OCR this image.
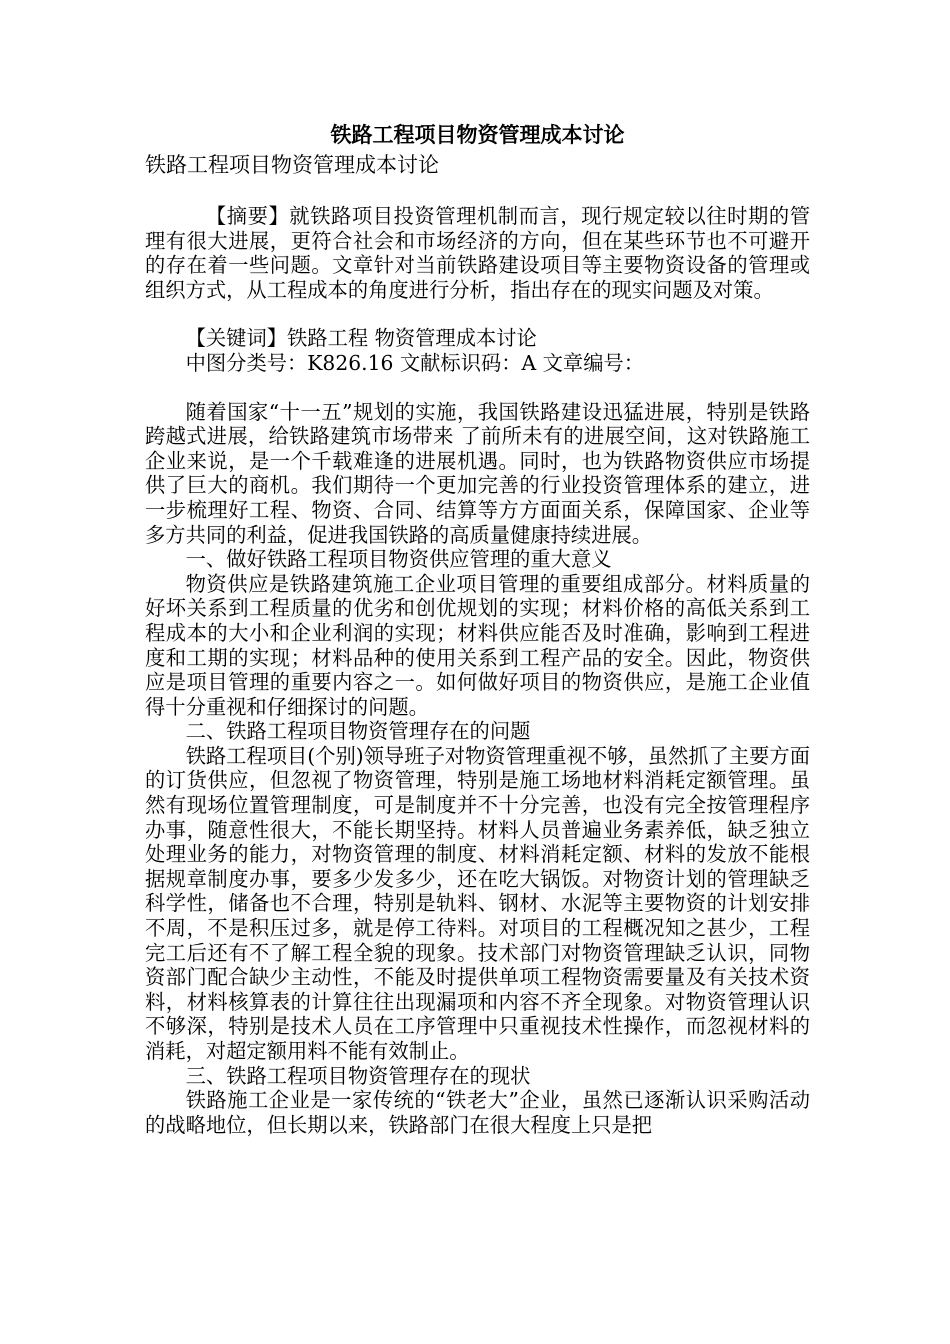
铁路工程项目物资管理成本讨论

铁路工程项目物资管理成本讨论

【摘要】就铁路项目投资管理机制而言，现行规定较以往时期的管理有很大进展，更符合社会和市场经济的方向，但在某些环节也不可避开的存在着一些问题。文章针对当前铁路建设项目等主要物资设备的管理或组织方式，从工程成本的角度进行分析，指出存在的现实问题及对策。

【关键词】铁路工程 物资管理成本讨论

中图分类号：K826.16 文献标识码：A 文章编号：

随着国家“十一五”规划的实施，我国铁路建设迅猛进展，特别是铁路跨越式进展，给铁路建筑市场带来 了前所未有的进展空间，这对铁路施工企业来说，是一个千载难逢的进展机遇。同时，也为铁路物资供应市场提供了巨大的商机。我们期待一个更加完善的行业投资管理体系的建立，进一步梳理好工程、物资、合同、结算等方方面面关系，保障国家、企业等多方共同的利益，促进我国铁路的高质量健康持续进展。

一、做好铁路工程项目物资供应管理的重大意义

物资供应是铁路建筑施工企业项目管理的重要组成部分。材料质量的好坏关系到工程质量的优劣和创优规划的实现；材料价格的高低关系到工程成本的大小和企业利润的实现；材料供应能否及时准确，影响到工程进度和工期的实现；材料品种的使用关系到工程产品的安全。因此，物资供应是项目管理的重要内容之一。如何做好项目的物资供应，是施工企业值得十分重视和仔细探讨的问题。

二、铁路工程项目物资管理存在的问题

铁路工程项目(个别)领导班子对物资管理重视不够，虽然抓了主要方面的订货供应，但忽视了物资管理，特别是施工场地材料消耗定额管理。虽然有现场位置管理制度，可是制度并不十分完善，也没有完全按管理程序办事，随意性很大，不能长期坚持。材料人员普遍业务素养低，缺乏独立处理业务的能力，对物资管理的制度、材料消耗定额、材料的发放不能根据规章制度办事，要多少发多少，还在吃大锅饭。对物资计划的管理缺乏科学性，储备也不合理，特别是轨料、钢材、水泥等主要物资的计划安排不周，不是积压过多，就是停工待料。对项目的工程概况知之甚少，工程完工后还有不了解工程全貌的现象。技术部门对物资管理缺乏认识，同物资部门配合缺少主动性，不能及时提供单项工程物资需要量及有关技术资料，材料核算表的计算往往出现漏项和内容不齐全现象。对物资管理认识不够深，特别是技术人员在工序管理中只重视技术性操作，而忽视材料的消耗，对超定额用料不能有效制止。

三、铁路工程项目物资管理存在的现状

铁路施工企业是一家传统的“铁老大”企业，虽然已逐渐认识采购活动的战略地位，但长期以来，铁路部门在很大程度上只是把
